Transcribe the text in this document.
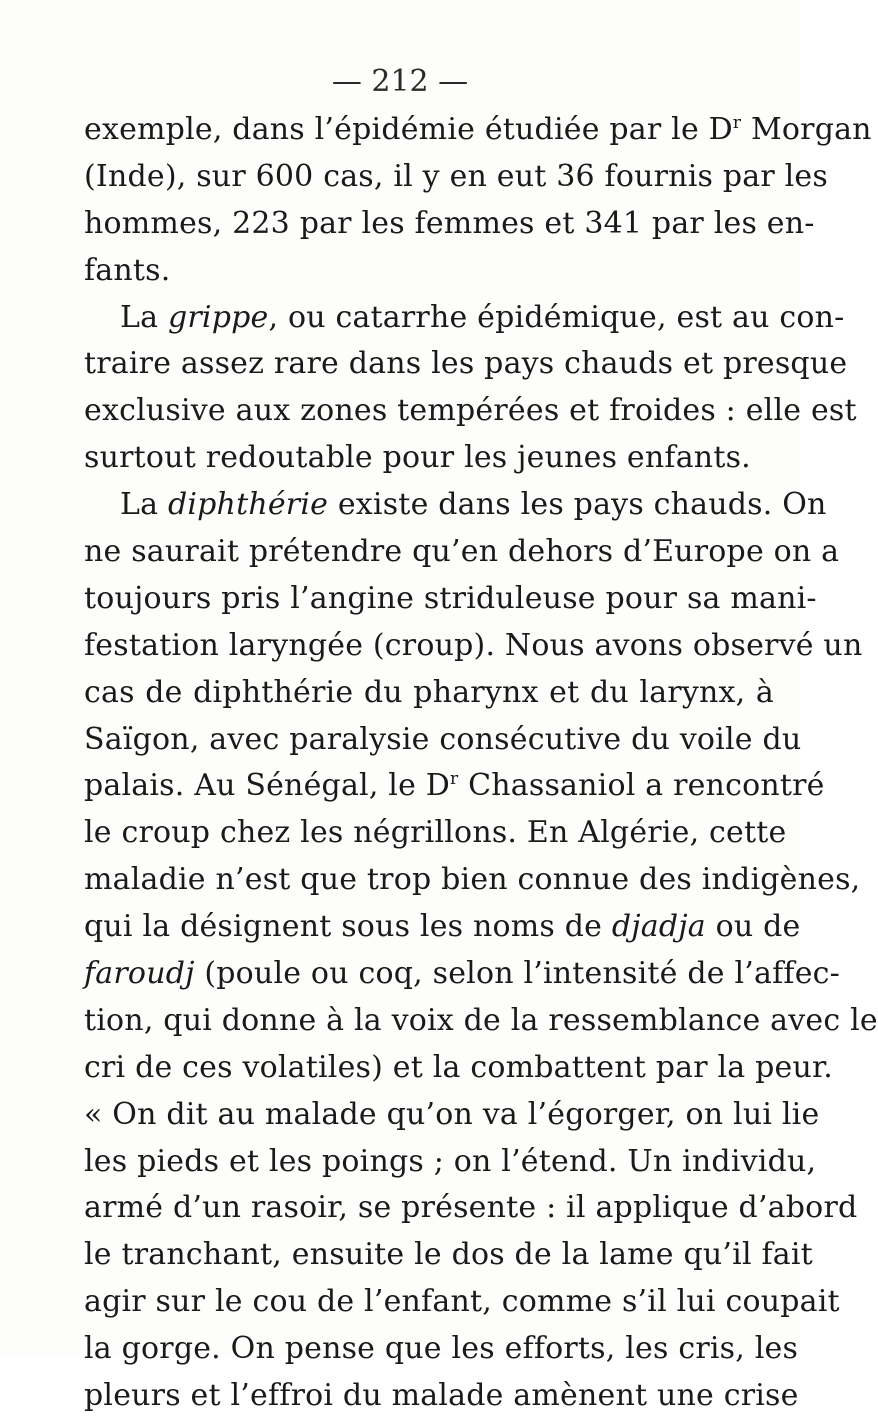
— 212 —
exemple, dans l’épidémie étudiée par le $D^r$ Morgan
(Inde), sur 600 cas, il y en eut 36 fournis par les
hommes, 223 par les femmes et 341 par les en-
fants.
La grippe, ou catarrhe épidémique, est au con-
traire assez rare dans les pays chauds et presque
exclusive aux zones tempérées et froides : elle est
surtout redoutable pour les jeunes enfants.
La diphthérie existe dans les pays chauds. On
ne saurait prétendre qu’en dehors d’Europe on a
toujours pris l’angine striduleuse pour sa mani-
festation laryngée (croup). Nous avons observé un
cas de diphthérie du pharynx et du larynx, à
Saïgon, avec paralysie consécutive du voile du
palais. Au Sénégal, le $D^r$ Chassaniol a rencontré
le croup chez les négrillons. En Algérie, cette
maladie n’est que trop bien connue des indigènes,
qui la désignent sous les noms de djadja ou de
faroudj (poule ou coq, selon l’intensité de l’affec-
tion, qui donne à la voix de la ressemblance avec le
cri de ces volatiles) et la combattent par la peur.
« On dit au malade qu’on va l’égorger, on lui lie
les pieds et les poings ; on l’étend. Un individu,
armé d’un rasoir, se présente : il applique d’abord
le tranchant, ensuite le dos de la lame qu’il fait
agir sur le cou de l’enfant, comme s’il lui coupait
la gorge. On pense que les efforts, les cris, les
pleurs et l’effroi du malade amènent une crise
